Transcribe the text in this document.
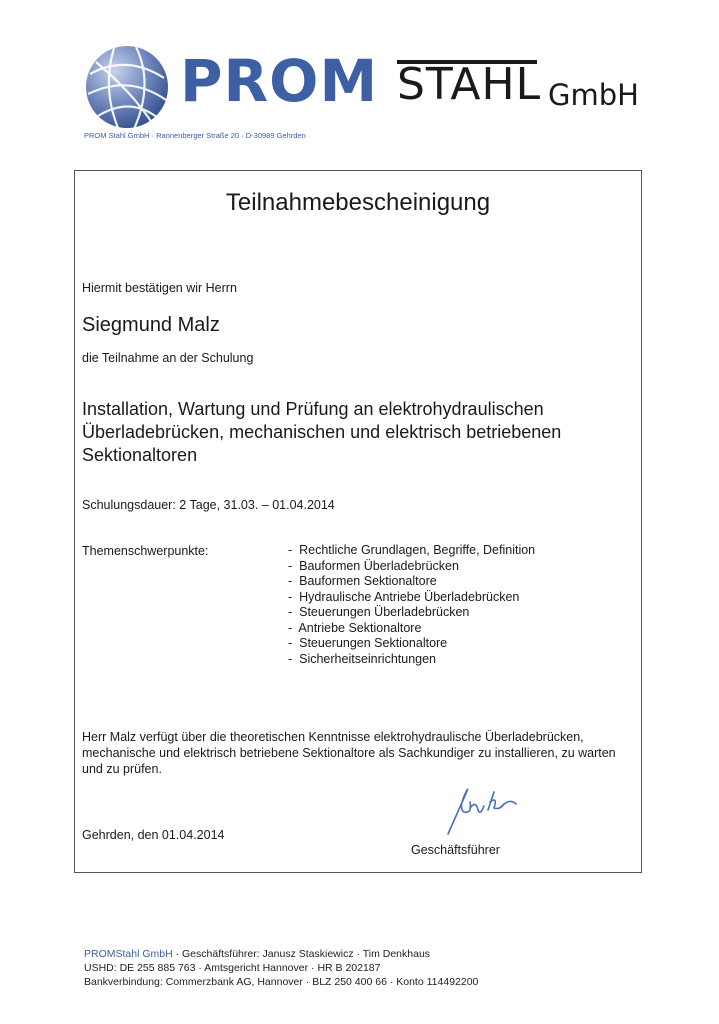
PROM STAHL GmbH
PROM Stahl GmbH · Rannenberger Straße 20 · D-30989 Gehrden
Teilnahmebescheinigung
Hiermit bestätigen wir Herrn
Siegmund Malz
die Teilnahme an der Schulung
Installation, Wartung und Prüfung an elektrohydraulischen Überladebrücken, mechanischen und elektrisch betriebenen Sektionaltoren
Schulungsdauer: 2 Tage, 31.03. – 01.04.2014
Themenschwerpunkte:
-	Rechtliche Grundlagen, Begriffe, Definition
- Bauformen Überladebrücken
- Bauformen Sektionaltore
- Hydraulische Antriebe Überladebrücken
- Steuerungen Überladebrücken
- Antriebe Sektionaltore
- Steuerungen Sektionaltore
- Sicherheitseinrichtungen
Herr Malz verfügt über die theoretischen Kenntnisse elektrohydraulische Überladebrücken, mechanische und elektrisch betriebene Sektionaltore als Sachkundiger zu installieren, zu warten und zu prüfen.
Gehrden, den 01.04.2014
Geschäftsführer
PROMStahl GmbH · Geschäftsführer: Janusz Staskiewicz · Tim Denkhaus
USHD: DE 255 885 763 · Amtsgericht Hannover · HR B 202187
Bankverbindung: Commerzbank AG, Hannover · BLZ 250 400 66 · Konto 114492200
